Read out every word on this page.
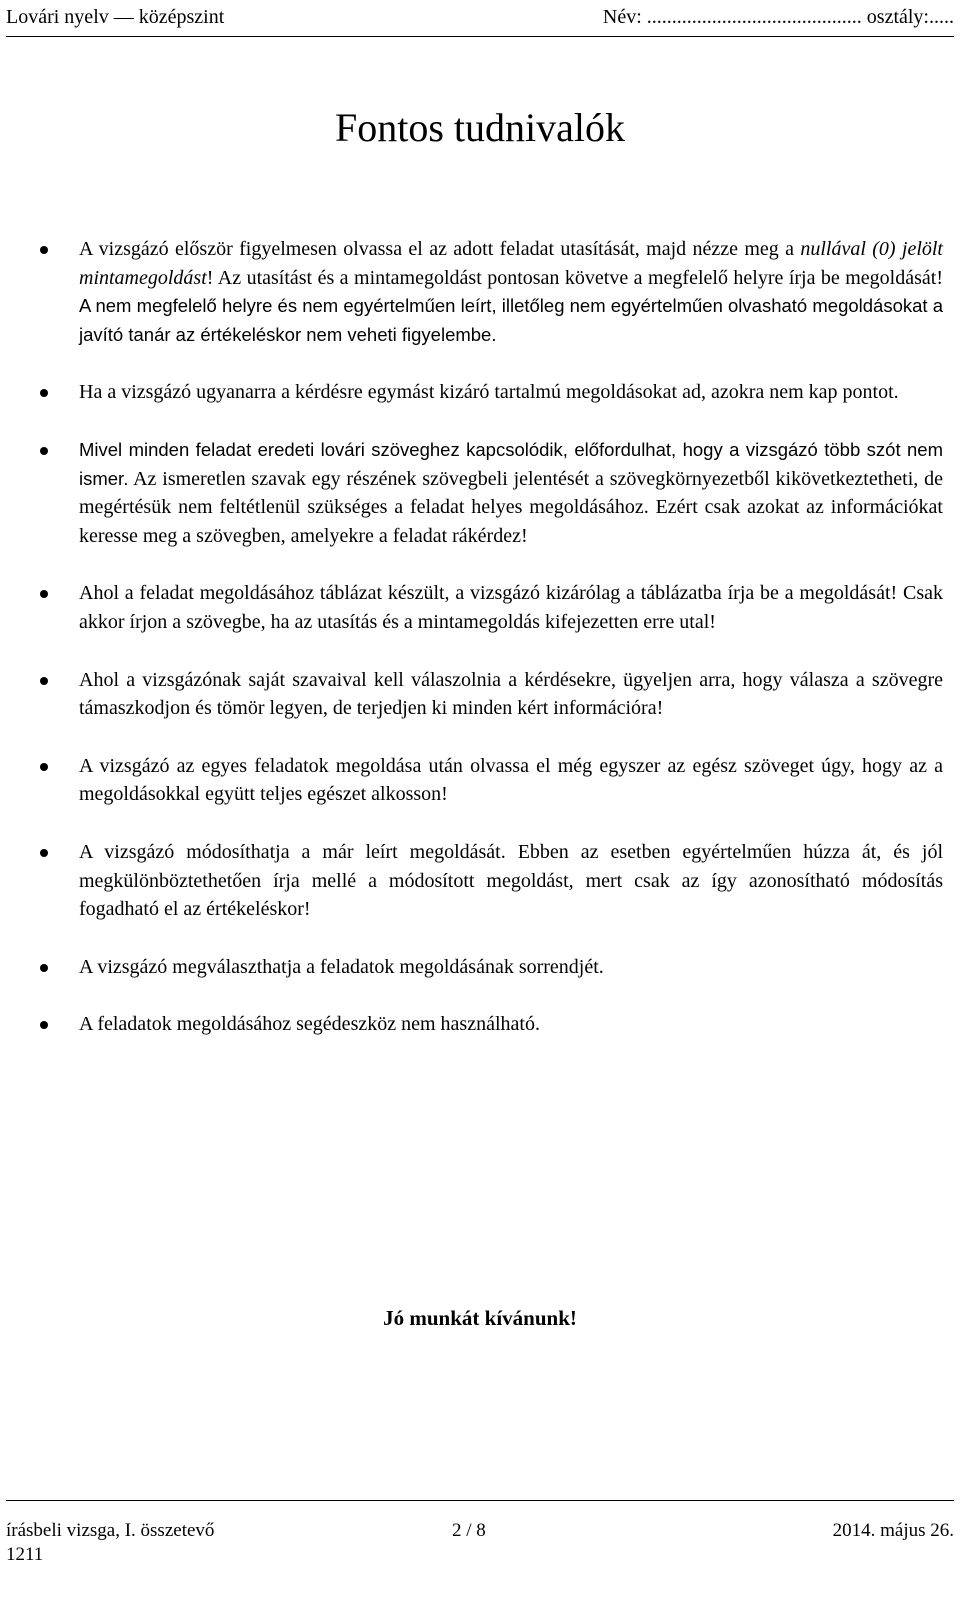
Lovári nyelv — középszint	Név: ........................................... osztály:.....
Fontos tudnivalók
A vizsgázó először figyelmesen olvassa el az adott feladat utasítását, majd nézze meg a nullával (0) jelölt mintamegoldást! Az utasítást és a mintamegoldást pontosan követve a megfelelő helyre írja be megoldását! A nem megfelelő helyre és nem egyértelműen leírt, illetőleg nem egyértelműen olvasható megoldásokat a javító tanár az értékeléskor nem veheti figyelembe.
Ha a vizsgázó ugyanarra a kérdésre egymást kizáró tartalmú megoldásokat ad, azokra nem kap pontot.
Mivel minden feladat eredeti lovári szöveghez kapcsolódik, előfordulhat, hogy a vizsgázó több szót nem ismer. Az ismeretlen szavak egy részének szövegbeli jelentését a szövegkörnyezetből kikövetkeztetheti, de megértésük nem feltétlenül szükséges a feladat helyes megoldásához. Ezért csak azokat az információkat keresse meg a szövegben, amelyekre a feladat rákérdez!
Ahol a feladat megoldásához táblázat készült, a vizsgázó kizárólag a táblázatba írja be a megoldását! Csak akkor írjon a szövegbe, ha az utasítás és a mintamegoldás kifejezetten erre utal!
Ahol a vizsgázónak saját szavaival kell válaszolnia a kérdésekre, ügyeljen arra, hogy válasza a szövegre támaszkodjon és tömör legyen, de terjedjen ki minden kért információra!
A vizsgázó az egyes feladatok megoldása után olvassa el még egyszer az egész szöveget úgy, hogy az a megoldásokkal együtt teljes egészet alkosson!
A vizsgázó módosíthatja a már leírt megoldását. Ebben az esetben egyértelműen húzza át, és jól megkülönböztethetően írja mellé a módosított megoldást, mert csak az így azonosítható módosítás fogadható el az értékeléskor!
A vizsgázó megválaszthatja a feladatok megoldásának sorrendjét.
A feladatok megoldásához segédeszköz nem használható.
Jó munkát kívánunk!
írásbeli vizsga, I. összetevő
1211
2 / 8	2014. május 26.
